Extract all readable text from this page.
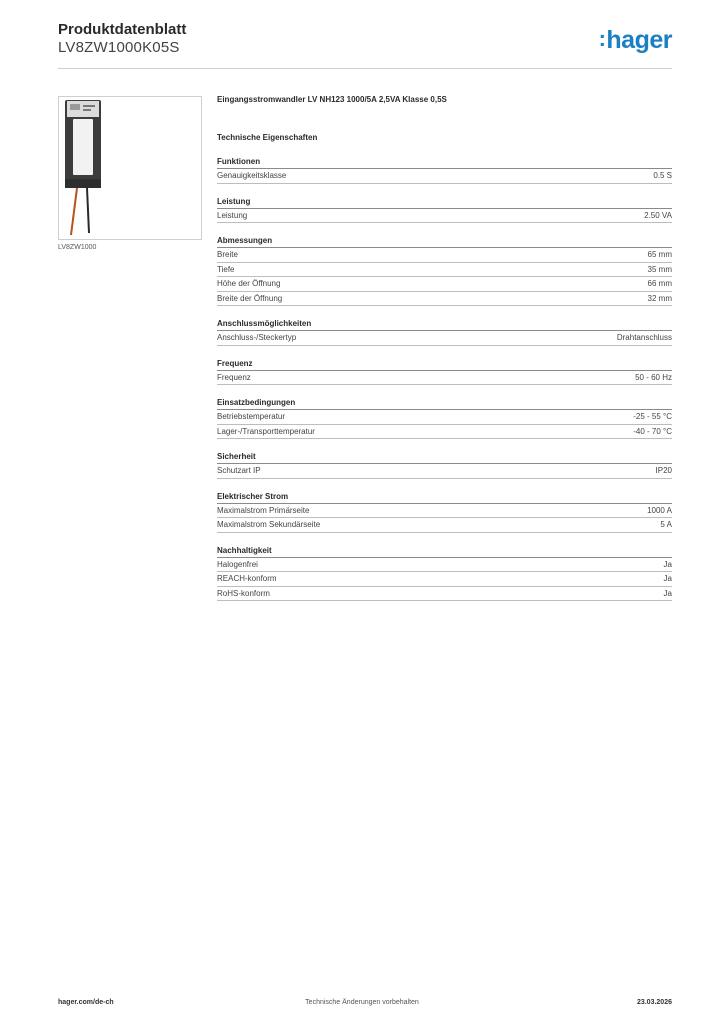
Produktdatenblatt
LV8ZW1000K05S	:hager
LV8ZW1000
Eingangsstromwandler LV NH123 1000/5A 2,5VA Klasse 0,5S
Technische Eigenschaften
Funktionen
Genauigkeitsklasse	0.5 S
Leistung
Leistung	2.50 VA
Abmessungen
Breite	65 mm
Tiefe	35 mm
Höhe der Öffnung	66 mm
Breite der Öffnung	32 mm
Anschlussmöglichkeiten
Anschluss-/Steckertyp	Drahtanschluss
Frequenz
Frequenz	50 - 60 Hz
Einsatzbedingungen
Betriebstemperatur	-25 - 55 °C
Lager-/Transporttemperatur	-40 - 70 °C
Sicherheit
Schutzart IP	IP20
Elektrischer Strom
Maximalstrom Primärseite	1000 A
Maximalstrom Sekundärseite	5 A
Nachhaltigkeit
Halogenfrei	Ja
REACH-konform	Ja
RoHS-konform	Ja
hager.com/de-ch	Technische Änderungen vorbehalten	23.03.2026
